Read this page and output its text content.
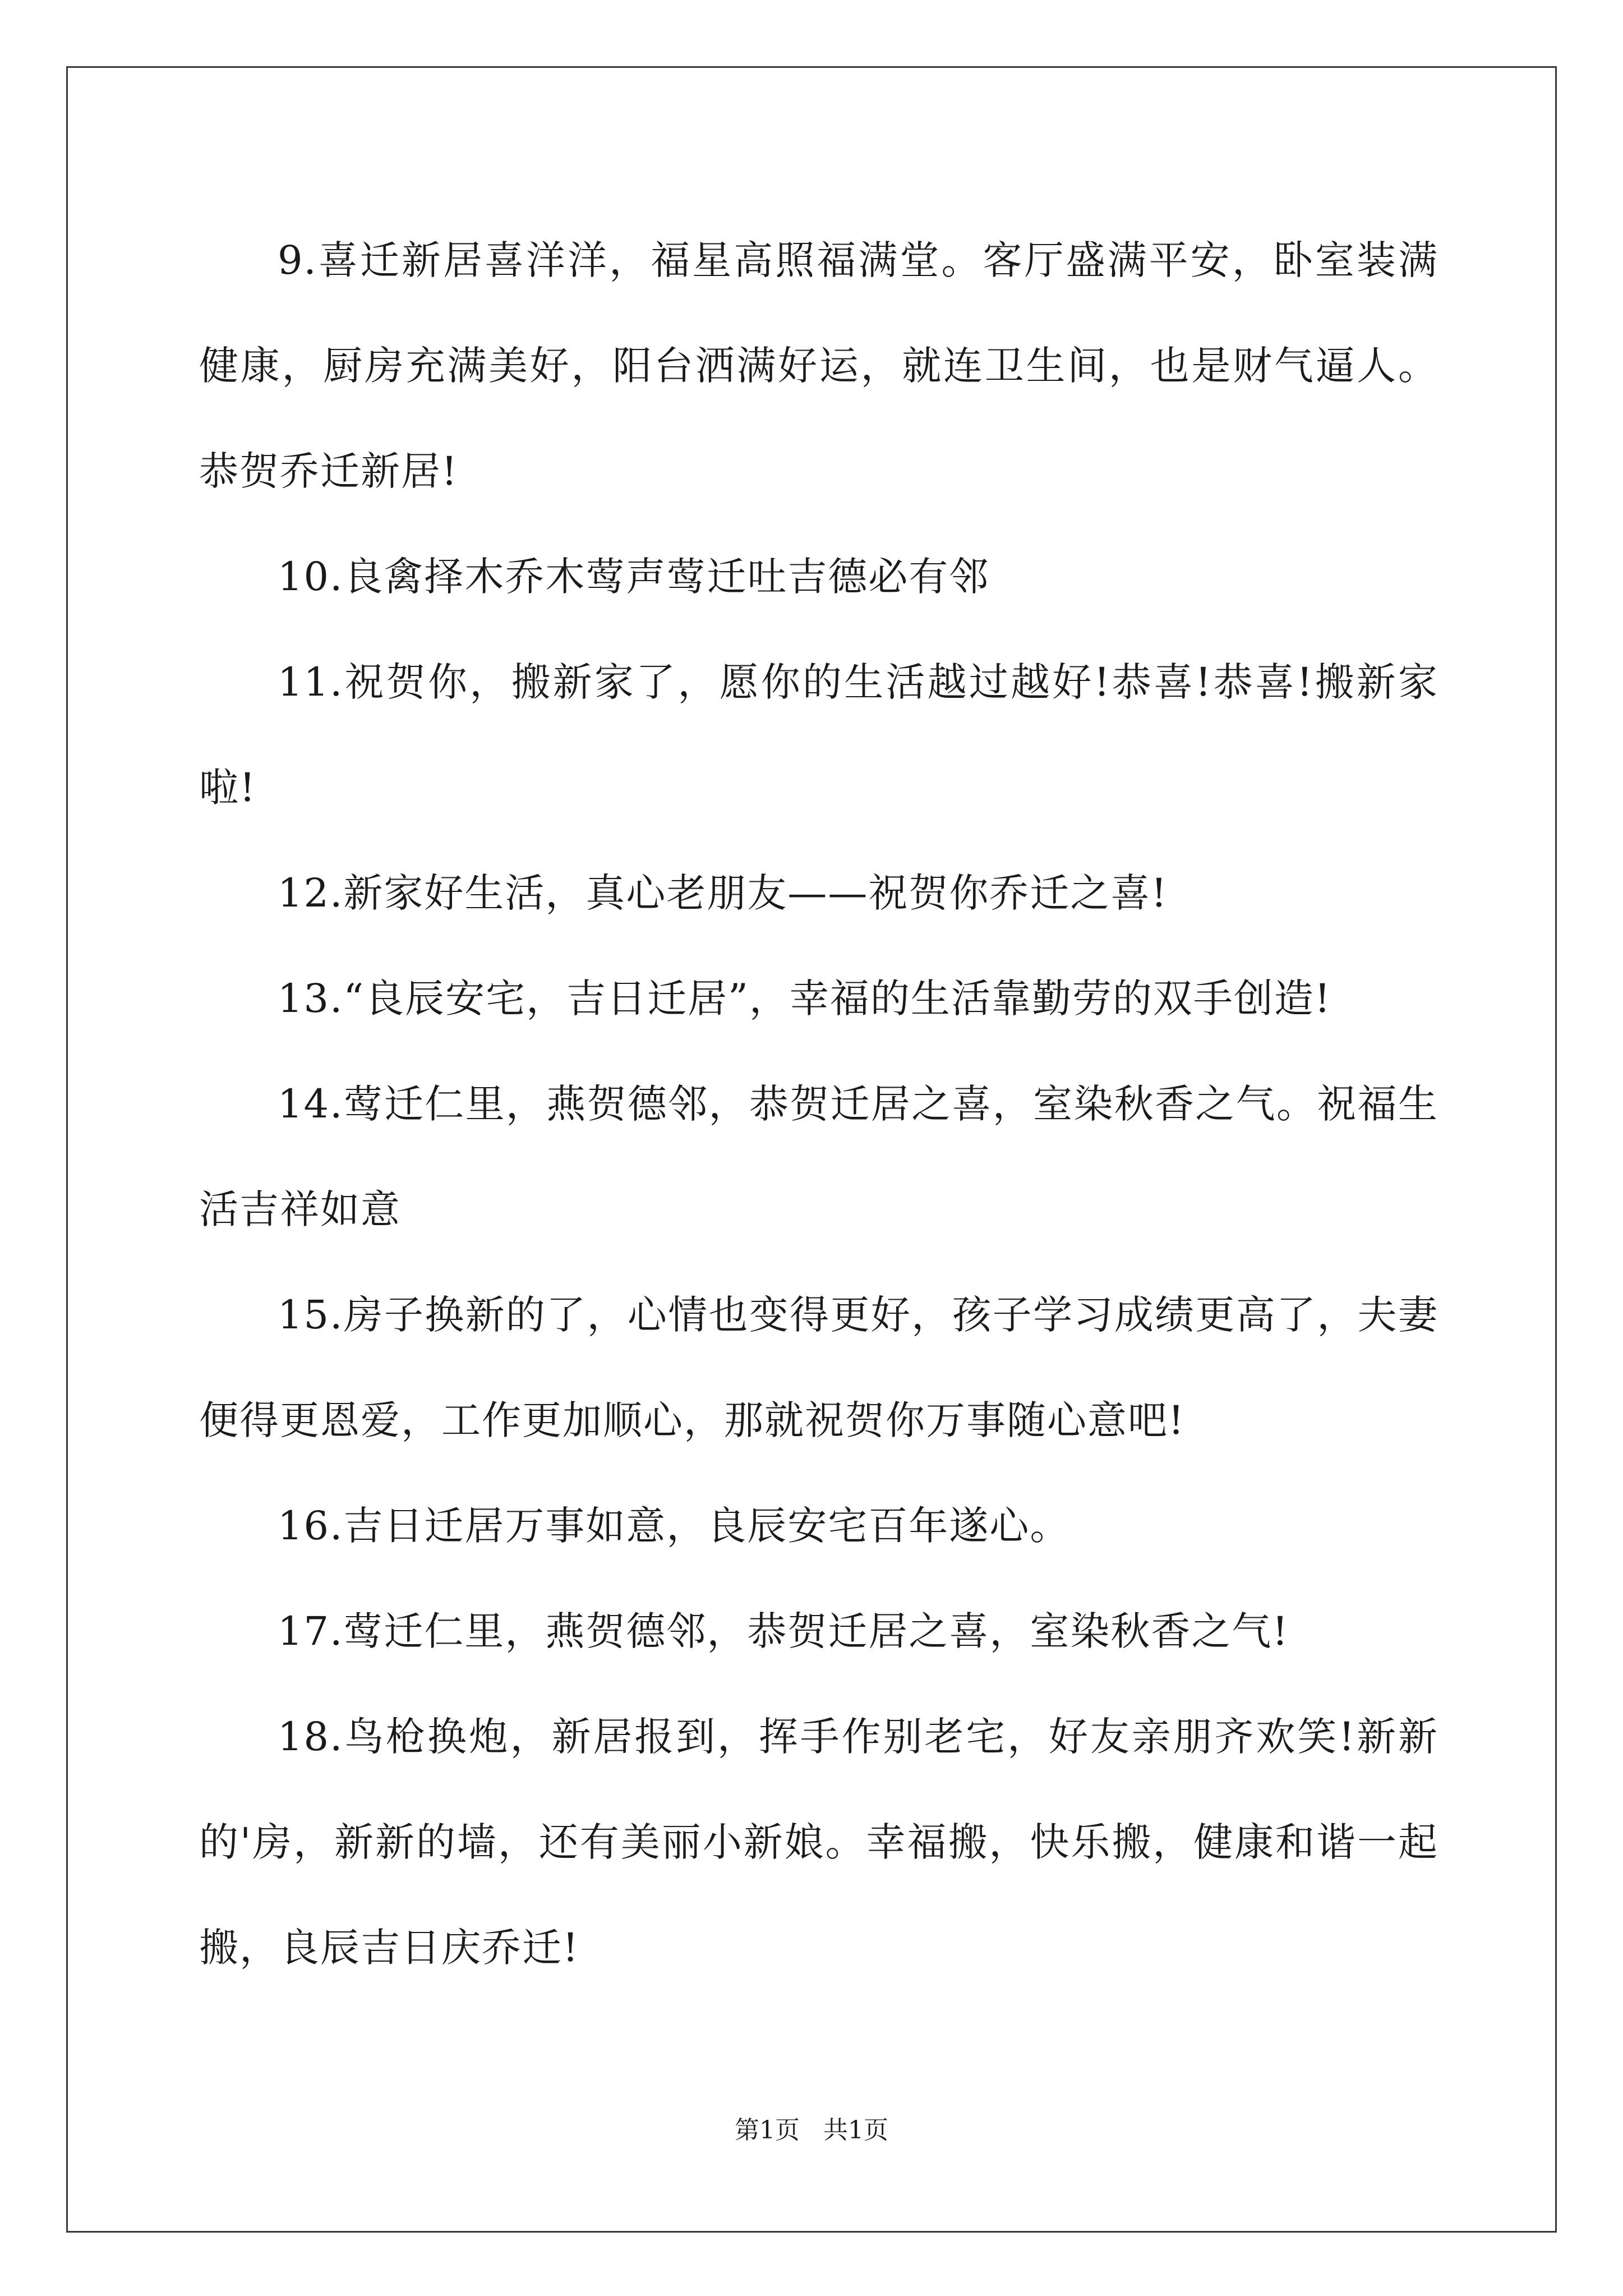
9.喜迁新居喜洋洋，福星高照福满堂。客厅盛满平安，卧室装满健康，厨房充满美好，阳台洒满好运，就连卫生间，也是财气逼人。恭贺乔迁新居!

10.良禽择木乔木莺声莺迁吐吉德必有邻

11.祝贺你，搬新家了，愿你的生活越过越好!恭喜!恭喜!搬新家啦!

12.新家好生活，真心老朋友——祝贺你乔迁之喜!

13.“良辰安宅，吉日迁居”，幸福的生活靠勤劳的双手创造!

14.莺迁仁里，燕贺德邻，恭贺迁居之喜，室染秋香之气。祝福生活吉祥如意

15.房子换新的了，心情也变得更好，孩子学习成绩更高了，夫妻便得更恩爱，工作更加顺心，那就祝贺你万事随心意吧!

16.吉日迁居万事如意，良辰安宅百年遂心。

17.莺迁仁里，燕贺德邻，恭贺迁居之喜，室染秋香之气!

18.鸟枪换炮，新居报到，挥手作别老宅，好友亲朋齐欢笑!新新的'房，新新的墙，还有美丽小新娘。幸福搬，快乐搬，健康和谐一起搬，良辰吉日庆乔迁!

第1页 共1页
